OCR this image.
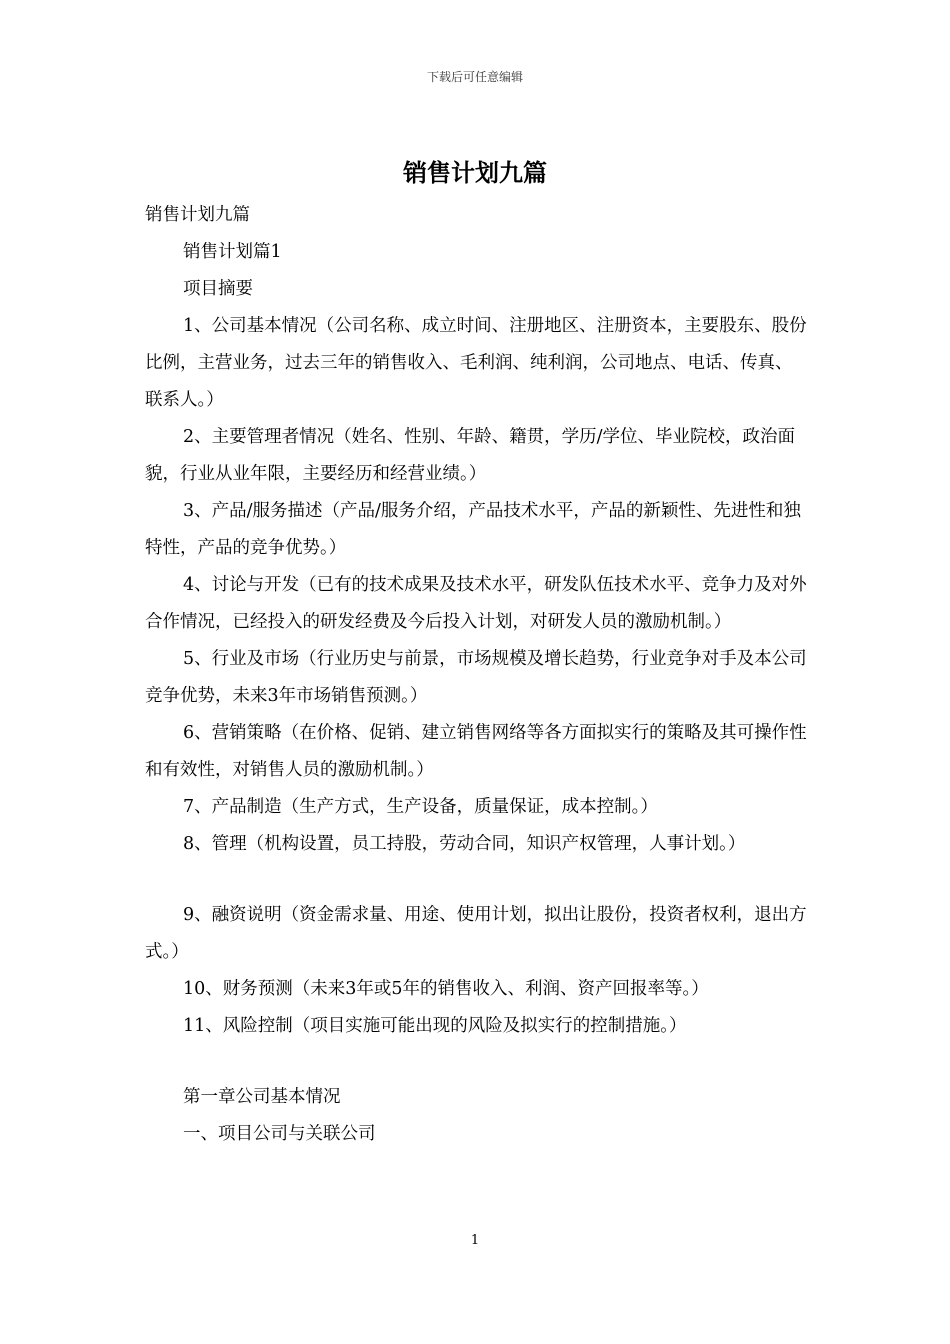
下载后可任意编辑
销售计划九篇

销售计划九篇

销售计划篇1

项目摘要

1、公司基本情况（公司名称、成立时间、注册地区、注册资本，主要股东、股份比例，主营业务，过去三年的销售收入、毛利润、纯利润，公司地点、电话、传真、联系人。）

2、主要管理者情况（姓名、性别、年龄、籍贯，学历/学位、毕业院校，政治面貌，行业从业年限，主要经历和经营业绩。）

3、产品/服务描述（产品/服务介绍，产品技术水平，产品的新颖性、先进性和独特性，产品的竞争优势。）

4、讨论与开发（已有的技术成果及技术水平，研发队伍技术水平、竞争力及对外合作情况，已经投入的研发经费及今后投入计划，对研发人员的激励机制。）

5、行业及市场（行业历史与前景，市场规模及增长趋势，行业竞争对手及本公司竞争优势，未来3年市场销售预测。）

6、营销策略（在价格、促销、建立销售网络等各方面拟实行的策略及其可操作性和有效性，对销售人员的激励机制。）

7、产品制造（生产方式，生产设备，质量保证，成本控制。）

8、管理（机构设置，员工持股，劳动合同，知识产权管理，人事计划。）

9、融资说明（资金需求量、用途、使用计划，拟出让股份，投资者权利，退出方式。）

10、财务预测（未来3年或5年的销售收入、利润、资产回报率等。）

11、风险控制（项目实施可能出现的风险及拟实行的控制措施。）

第一章公司基本情况

一、项目公司与关联公司

1
